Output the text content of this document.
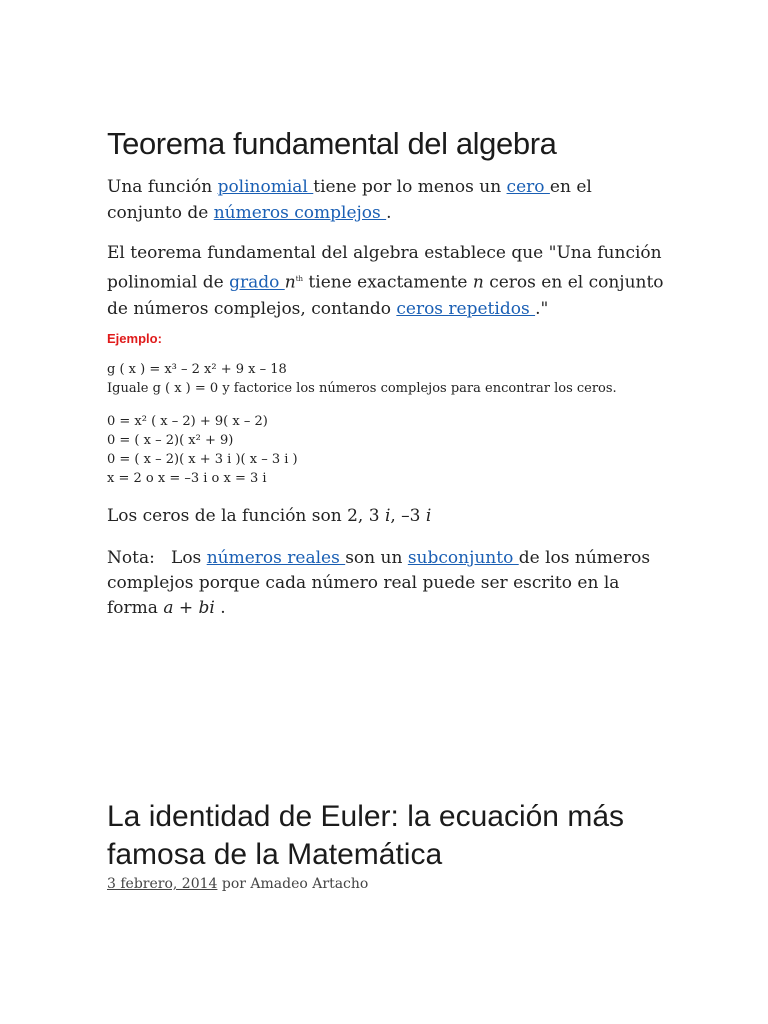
Teorema fundamental del algebra
Una función polinomial tiene por lo menos un cero en el conjunto de números complejos .
El teorema fundamental del algebra establece que "Una función polinomial de grado $n^{th}$ tiene exactamente n ceros en el conjunto de números complejos, contando ceros repetidos ."
Ejemplo:
g ( x ) = x³ – 2 x² + 9 x – 18
Iguale g ( x ) = 0 y factorice los números complejos para encontrar los ceros.
0 = x² ( x – 2) + 9( x – 2)
0 = ( x – 2)( x² + 9)
0 = ( x – 2)( x + 3 i )( x – 3 i )
x = 2 o x = –3 i o x = 3 i
Los ceros de la función son 2, 3 i, –3 i
Nota:   Los números reales son un subconjunto de los números complejos porque cada número real puede ser escrito en la forma a + bi .
La identidad de Euler: la ecuación más famosa de la Matemática
3 febrero, 2014 por Amadeo Artacho
